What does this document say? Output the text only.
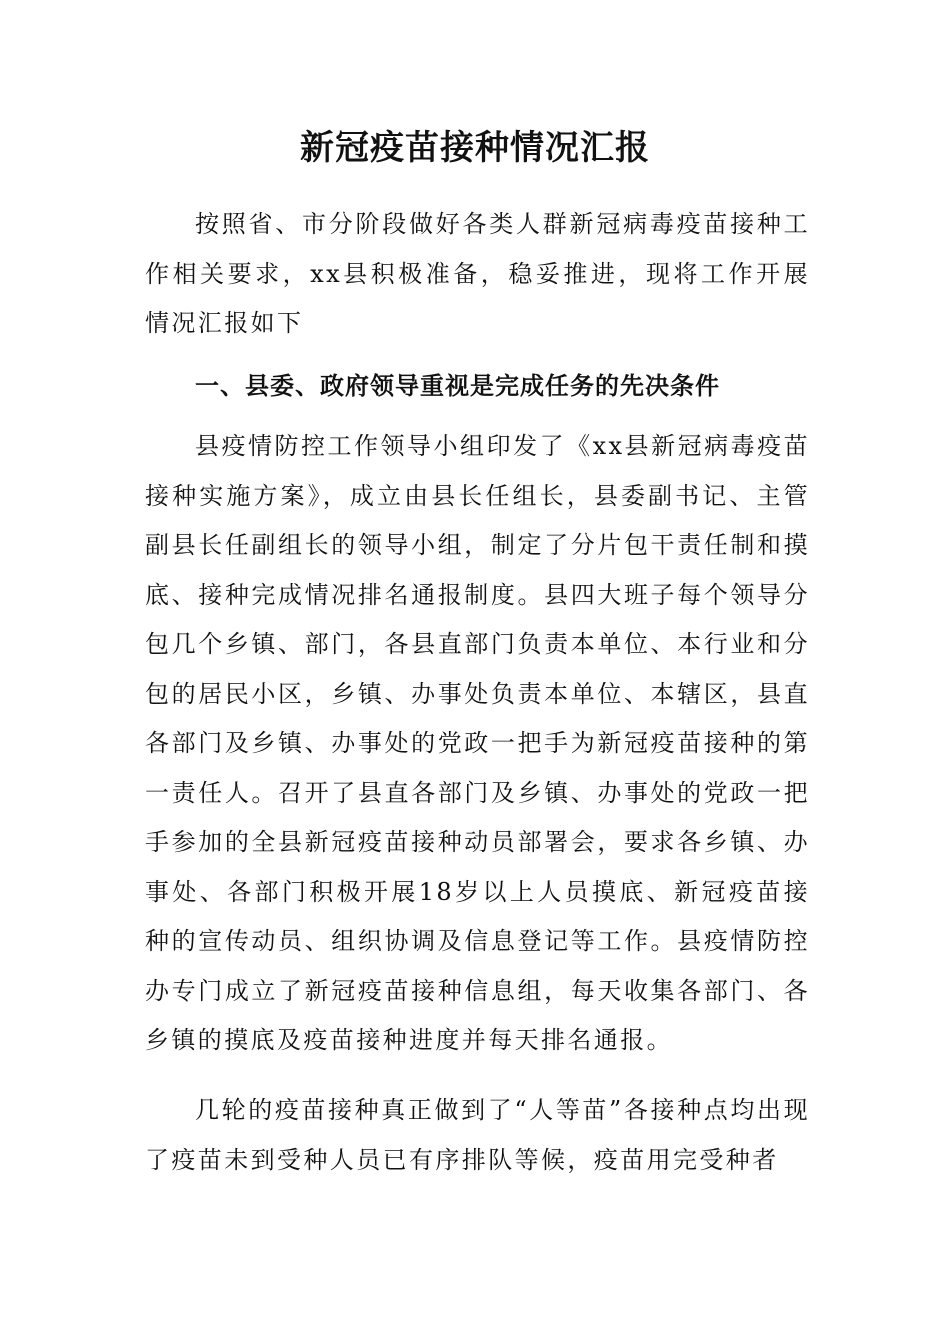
新冠疫苗接种情况汇报

按照省、市分阶段做好各类人群新冠病毒疫苗接种工作相关要求，xx县积极准备，稳妥推进，现将工作开展情况汇报如下

一、县委、政府领导重视是完成任务的先决条件

县疫情防控工作领导小组印发了《xx县新冠病毒疫苗接种实施方案》，成立由县长任组长，县委副书记、主管副县长任副组长的领导小组，制定了分片包干责任制和摸底、接种完成情况排名通报制度。县四大班子每个领导分包几个乡镇、部门，各县直部门负责本单位、本行业和分包的居民小区，乡镇、办事处负责本单位、本辖区，县直各部门及乡镇、办事处的党政一把手为新冠疫苗接种的第一责任人。召开了县直各部门及乡镇、办事处的党政一把手参加的全县新冠疫苗接种动员部署会，要求各乡镇、办事处、各部门积极开展18岁以上人员摸底、新冠疫苗接种的宣传动员、组织协调及信息登记等工作。县疫情防控办专门成立了新冠疫苗接种信息组，每天收集各部门、各乡镇的摸底及疫苗接种进度并每天排名通报。

几轮的疫苗接种真正做到了“人等苗”各接种点均出现了疫苗未到受种人员已有序排队等候，疫苗用完受种者
